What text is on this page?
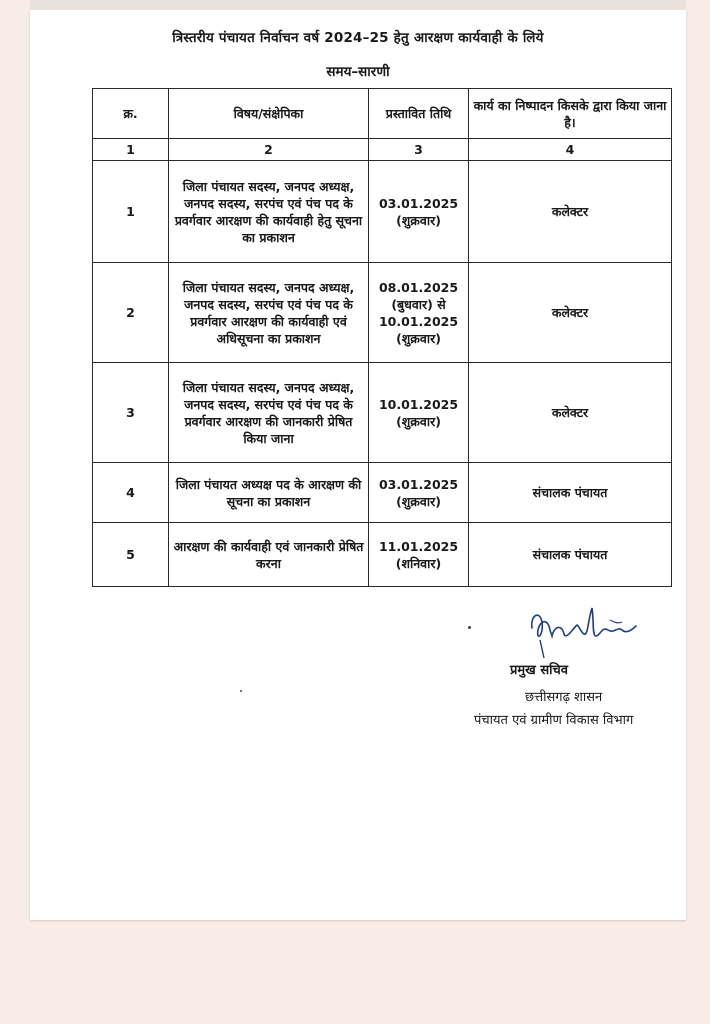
त्रिस्तरीय पंचायत निर्वाचन वर्ष 2024–25 हेतु आरक्षण कार्यवाही के लिये
समय–सारणी
क्र.	विषय/संक्षेपिका	प्रस्तावित तिथि	कार्य का निष्पादन किसके द्वारा किया जाना है।
1	2	3	4
1	जिला पंचायत सदस्य, जनपद अध्यक्ष, जनपद सदस्य, सरपंच एवं पंच पद के प्रवर्गवार आरक्षण की कार्यवाही हेतु सूचना का प्रकाशन	03.01.2025
(शुक्रवार)	कलेक्टर
2	जिला पंचायत सदस्य, जनपद अध्यक्ष, जनपद सदस्य, सरपंच एवं पंच पद के प्रवर्गवार आरक्षण की कार्यवाही एवं अधिसूचना का प्रकाशन	08.01.2025
(बुधवार) से
10.01.2025
(शुक्रवार)	कलेक्टर
3	जिला पंचायत सदस्य, जनपद अध्यक्ष, जनपद सदस्य, सरपंच एवं पंच पद के प्रवर्गवार आरक्षण की जानकारी प्रेषित किया जाना	10.01.2025
(शुक्रवार)	कलेक्टर
4	जिला पंचायत अध्यक्ष पद के आरक्षण की सूचना का प्रकाशन	03.01.2025
(शुक्रवार)	संचालक पंचायत
5	आरक्षण की कार्यवाही एवं जानकारी प्रेषित करना	11.01.2025
(शनिवार)	संचालक पंचायत
प्रमुख सचिव
छत्तीसगढ़ शासन
पंचायत एवं ग्रामीण विकास विभाग
